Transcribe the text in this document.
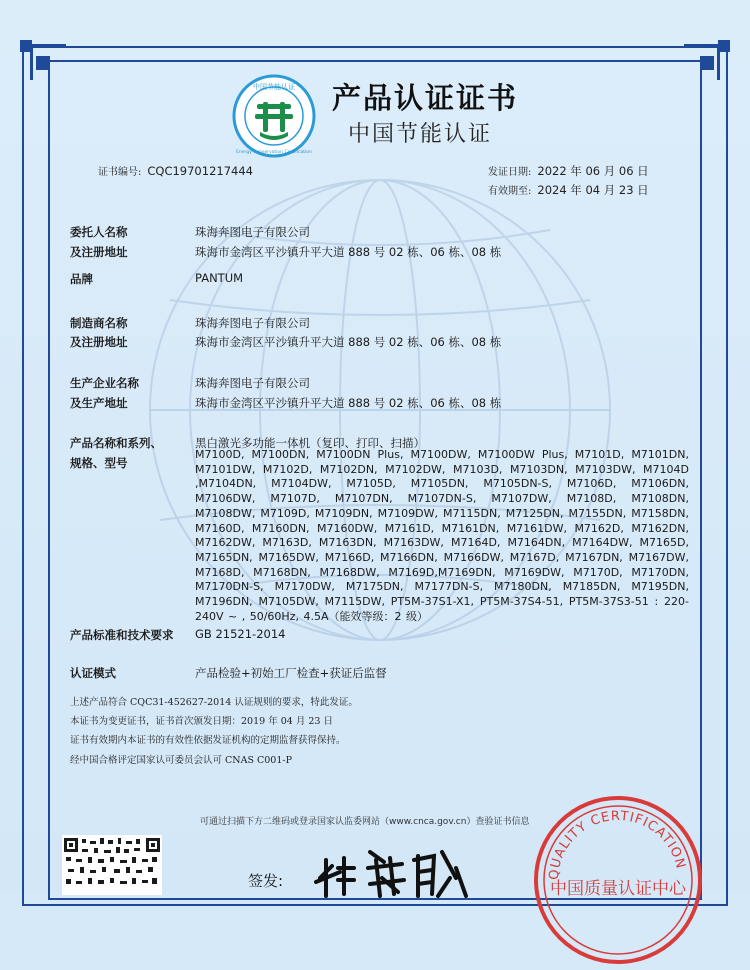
中国节能认证
Energy Conservation Certification
产品认证证书
中国节能认证
证书编号: CQC19701217444	发证日期: 2022 年 06 月 06 日
有效期至: 2024 年 04 月 23 日
委托人名称	珠海奔图电子有限公司
及注册地址	珠海市金湾区平沙镇升平大道 888 号 02 栋、06 栋、08 栋
品牌	PANTUM
制造商名称	珠海奔图电子有限公司
及注册地址	珠海市金湾区平沙镇升平大道 888 号 02 栋、06 栋、08 栋
生产企业名称	珠海奔图电子有限公司
及生产地址	珠海市金湾区平沙镇升平大道 888 号 02 栋、06 栋、08 栋
产品名称和系列、	黑白激光多功能一体机（复印、打印、扫描）
规格、型号
M7100D, M7100DN, M7100DN Plus, M7100DW, M7100DW Plus, M7101D, M7101DN, M7101DW, M7102D, M7102DN, M7102DW, M7103D, M7103DN, M7103DW, M7104D ,M7104DN, M7104DW, M7105D, M7105DN, M7105DN-S, M7106D, M7106DN, M7106DW, M7107D, M7107DN, M7107DN-S, M7107DW, M7108D, M7108DN, M7108DW, M7109D, M7109DN, M7109DW, M7115DN, M7125DN, M7155DN, M7158DN, M7160D, M7160DN, M7160DW, M7161D, M7161DN, M7161DW, M7162D, M7162DN, M7162DW, M7163D, M7163DN, M7163DW, M7164D, M7164DN, M7164DW, M7165D, M7165DN, M7165DW, M7166D, M7166DN, M7166DW, M7167D, M7167DN, M7167DW, M7168D, M7168DN, M7168DW, M7169D,M7169DN, M7169DW, M7170D, M7170DN, M7170DN-S, M7170DW, M7175DN, M7177DN-S, M7180DN, M7185DN, M7195DN, M7196DN, M7105DW, M7115DW, PT5M-37S1-X1, PT5M-37S4-51, PT5M-37S3-51 : 220-240V ~ , 50/60Hz, 4.5A（能效等级：2 级）
产品标准和技术要求 GB 21521-2014
认证模式	产品检验+初始工厂检查+获证后监督
上述产品符合 CQC31-452627-2014 认证规则的要求，特此发证。
本证书为变更证书，证书首次颁发日期：2019 年 04 月 23 日
证书有效期内本证书的有效性依据发证机构的定期监督获得保持。
经中国合格评定国家认可委员会认可 CNAS C001-P
可通过扫描下方二维码或登录国家认监委网站（www.cnca.gov.cn）查验证书信息
签发:	QUALITY CERTIFICATION
中国质量认证中心
